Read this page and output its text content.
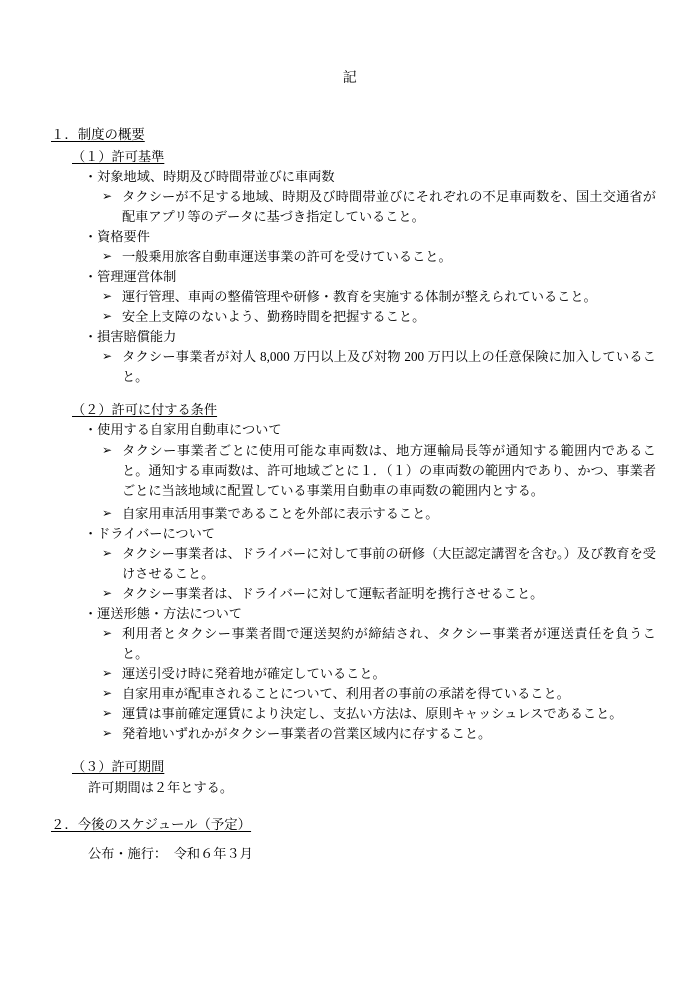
記
１．制度の概要
（１）許可基準
・対象地域、時期及び時間帯並びに車両数
➢ タクシーが不足する地域、時期及び時間帯並びにそれぞれの不足車両数を、国土交通省が配車アプリ等のデータに基づき指定していること。
・資格要件
➢ 一般乗用旅客自動車運送事業の許可を受けていること。
・管理運営体制
➢ 運行管理、車両の整備管理や研修・教育を実施する体制が整えられていること。
➢ 安全上支障のないよう、勤務時間を把握すること。
・損害賠償能力
➢ タクシー事業者が対人 8,000 万円以上及び対物 200 万円以上の任意保険に加入していること。
（２）許可に付する条件
・使用する自家用自動車について
➢ タクシー事業者ごとに使用可能な車両数は、地方運輸局長等が通知する範囲内であること。通知する車両数は、許可地域ごとに１．（１）の車両数の範囲内であり、かつ、事業者ごとに当該地域に配置している事業用自動車の車両数の範囲内とする。
➢ 自家用車活用事業であることを外部に表示すること。
・ドライバーについて
➢ タクシー事業者は、ドライバーに対して事前の研修（大臣認定講習を含む。）及び教育を受けさせること。
➢ タクシー事業者は、ドライバーに対して運転者証明を携行させること。
・運送形態・方法について
➢ 利用者とタクシー事業者間で運送契約が締結され、タクシー事業者が運送責任を負うこと。
➢ 運送引受け時に発着地が確定していること。
➢ 自家用車が配車されることについて、利用者の事前の承諾を得ていること。
➢ 運賃は事前確定運賃により決定し、支払い方法は、原則キャッシュレスであること。
➢ 発着地いずれかがタクシー事業者の営業区域内に存すること。
（３）許可期間
許可期間は２年とする。
２．今後のスケジュール（予定）
公布・施行：　令和６年３月
